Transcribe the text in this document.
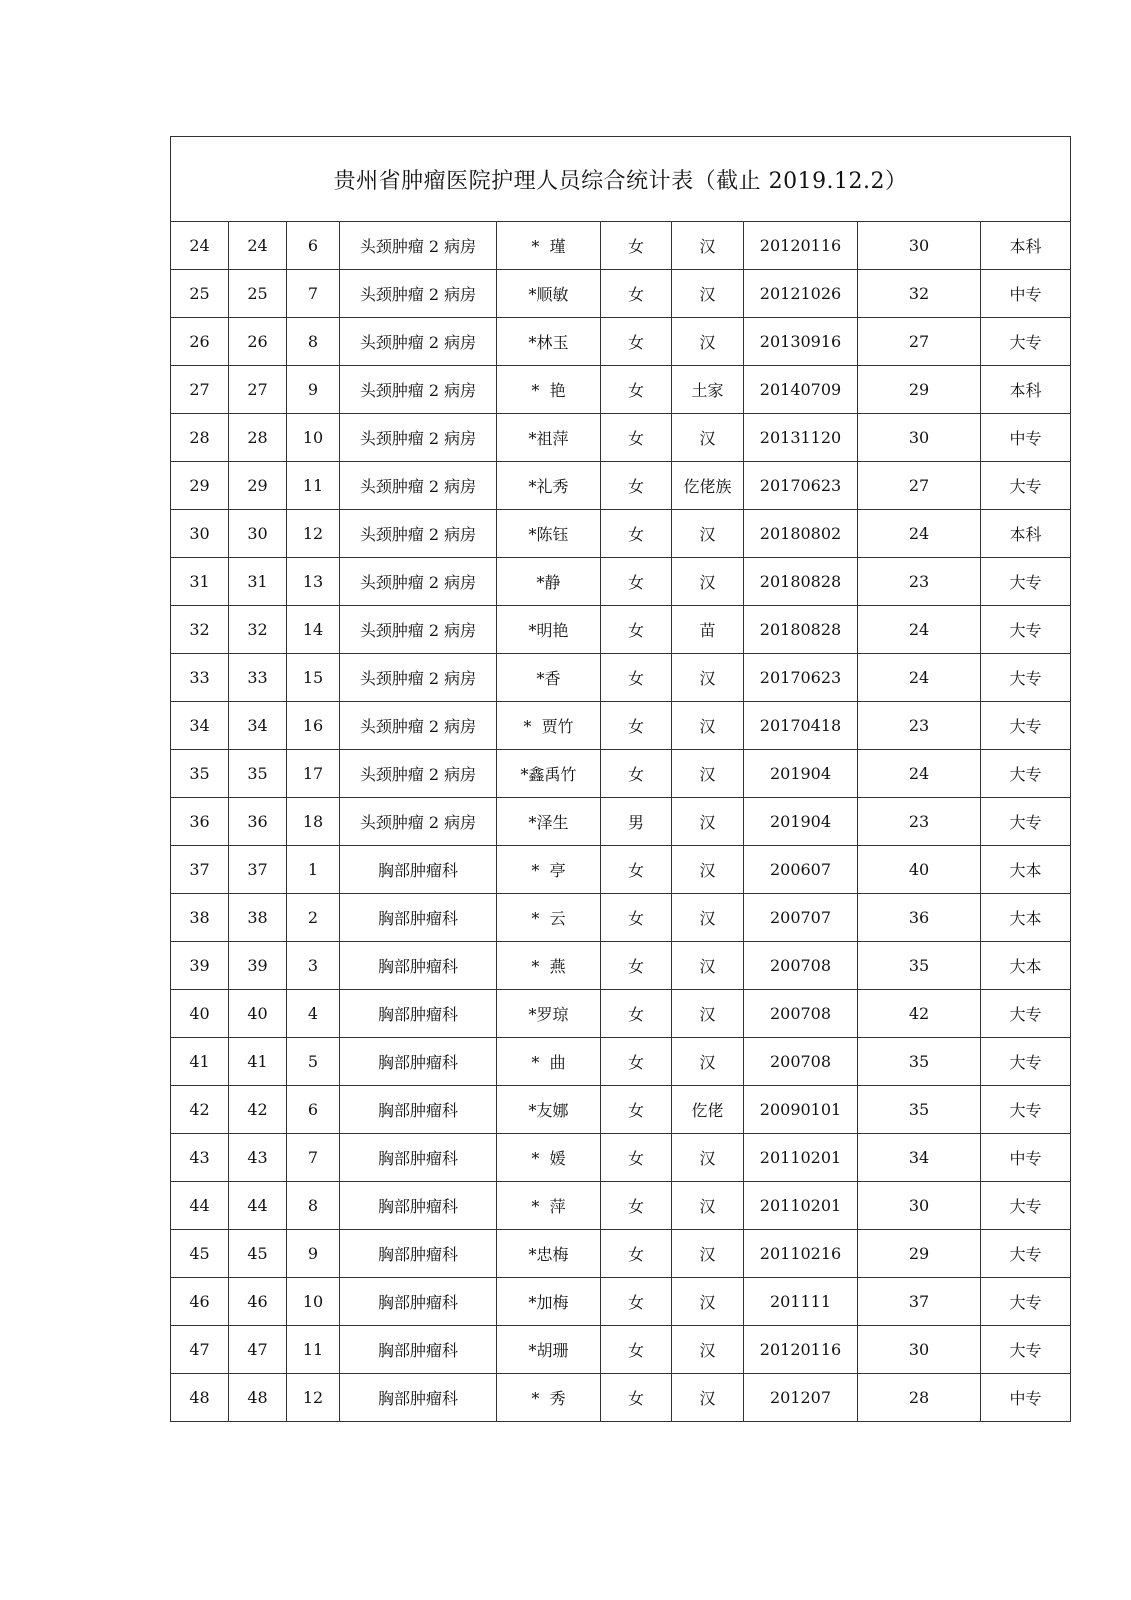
贵州省肿瘤医院护理人员综合统计表（截止 2019.12.2）									
24	24	6	头颈肿瘤 2 病房	*  瑾	女	汉	20120116	30	本科
25	25	7	头颈肿瘤 2 病房	*顺敏	女	汉	20121026	32	中专
26	26	8	头颈肿瘤 2 病房	*林玉	女	汉	20130916	27	大专
27	27	9	头颈肿瘤 2 病房	*  艳	女	土家	20140709	29	本科
28	28	10	头颈肿瘤 2 病房	*祖萍	女	汉	20131120	30	中专
29	29	11	头颈肿瘤 2 病房	*礼秀	女	仡佬族	20170623	27	大专
30	30	12	头颈肿瘤 2 病房	*陈钰	女	汉	20180802	24	本科
31	31	13	头颈肿瘤 2 病房	*静	女	汉	20180828	23	大专
32	32	14	头颈肿瘤 2 病房	*明艳	女	苗	20180828	24	大专
33	33	15	头颈肿瘤 2 病房	*香	女	汉	20170623	24	大专
34	34	16	头颈肿瘤 2 病房	*  贾竹	女	汉	20170418	23	大专
35	35	17	头颈肿瘤 2 病房	*鑫禹竹	女	汉	201904	24	大专
36	36	18	头颈肿瘤 2 病房	*泽生	男	汉	201904	23	大专
37	37	1	胸部肿瘤科	*  亭	女	汉	200607	40	大本
38	38	2	胸部肿瘤科	*  云	女	汉	200707	36	大本
39	39	3	胸部肿瘤科	*  燕	女	汉	200708	35	大本
40	40	4	胸部肿瘤科	*罗琼	女	汉	200708	42	大专
41	41	5	胸部肿瘤科	*  曲	女	汉	200708	35	大专
42	42	6	胸部肿瘤科	*友娜	女	仡佬	20090101	35	大专
43	43	7	胸部肿瘤科	*  媛	女	汉	20110201	34	中专
44	44	8	胸部肿瘤科	*  萍	女	汉	20110201	30	大专
45	45	9	胸部肿瘤科	*忠梅	女	汉	20110216	29	大专
46	46	10	胸部肿瘤科	*加梅	女	汉	201111	37	大专
47	47	11	胸部肿瘤科	*胡珊	女	汉	20120116	30	大专
48	48	12	胸部肿瘤科	*  秀	女	汉	201207	28	中专
